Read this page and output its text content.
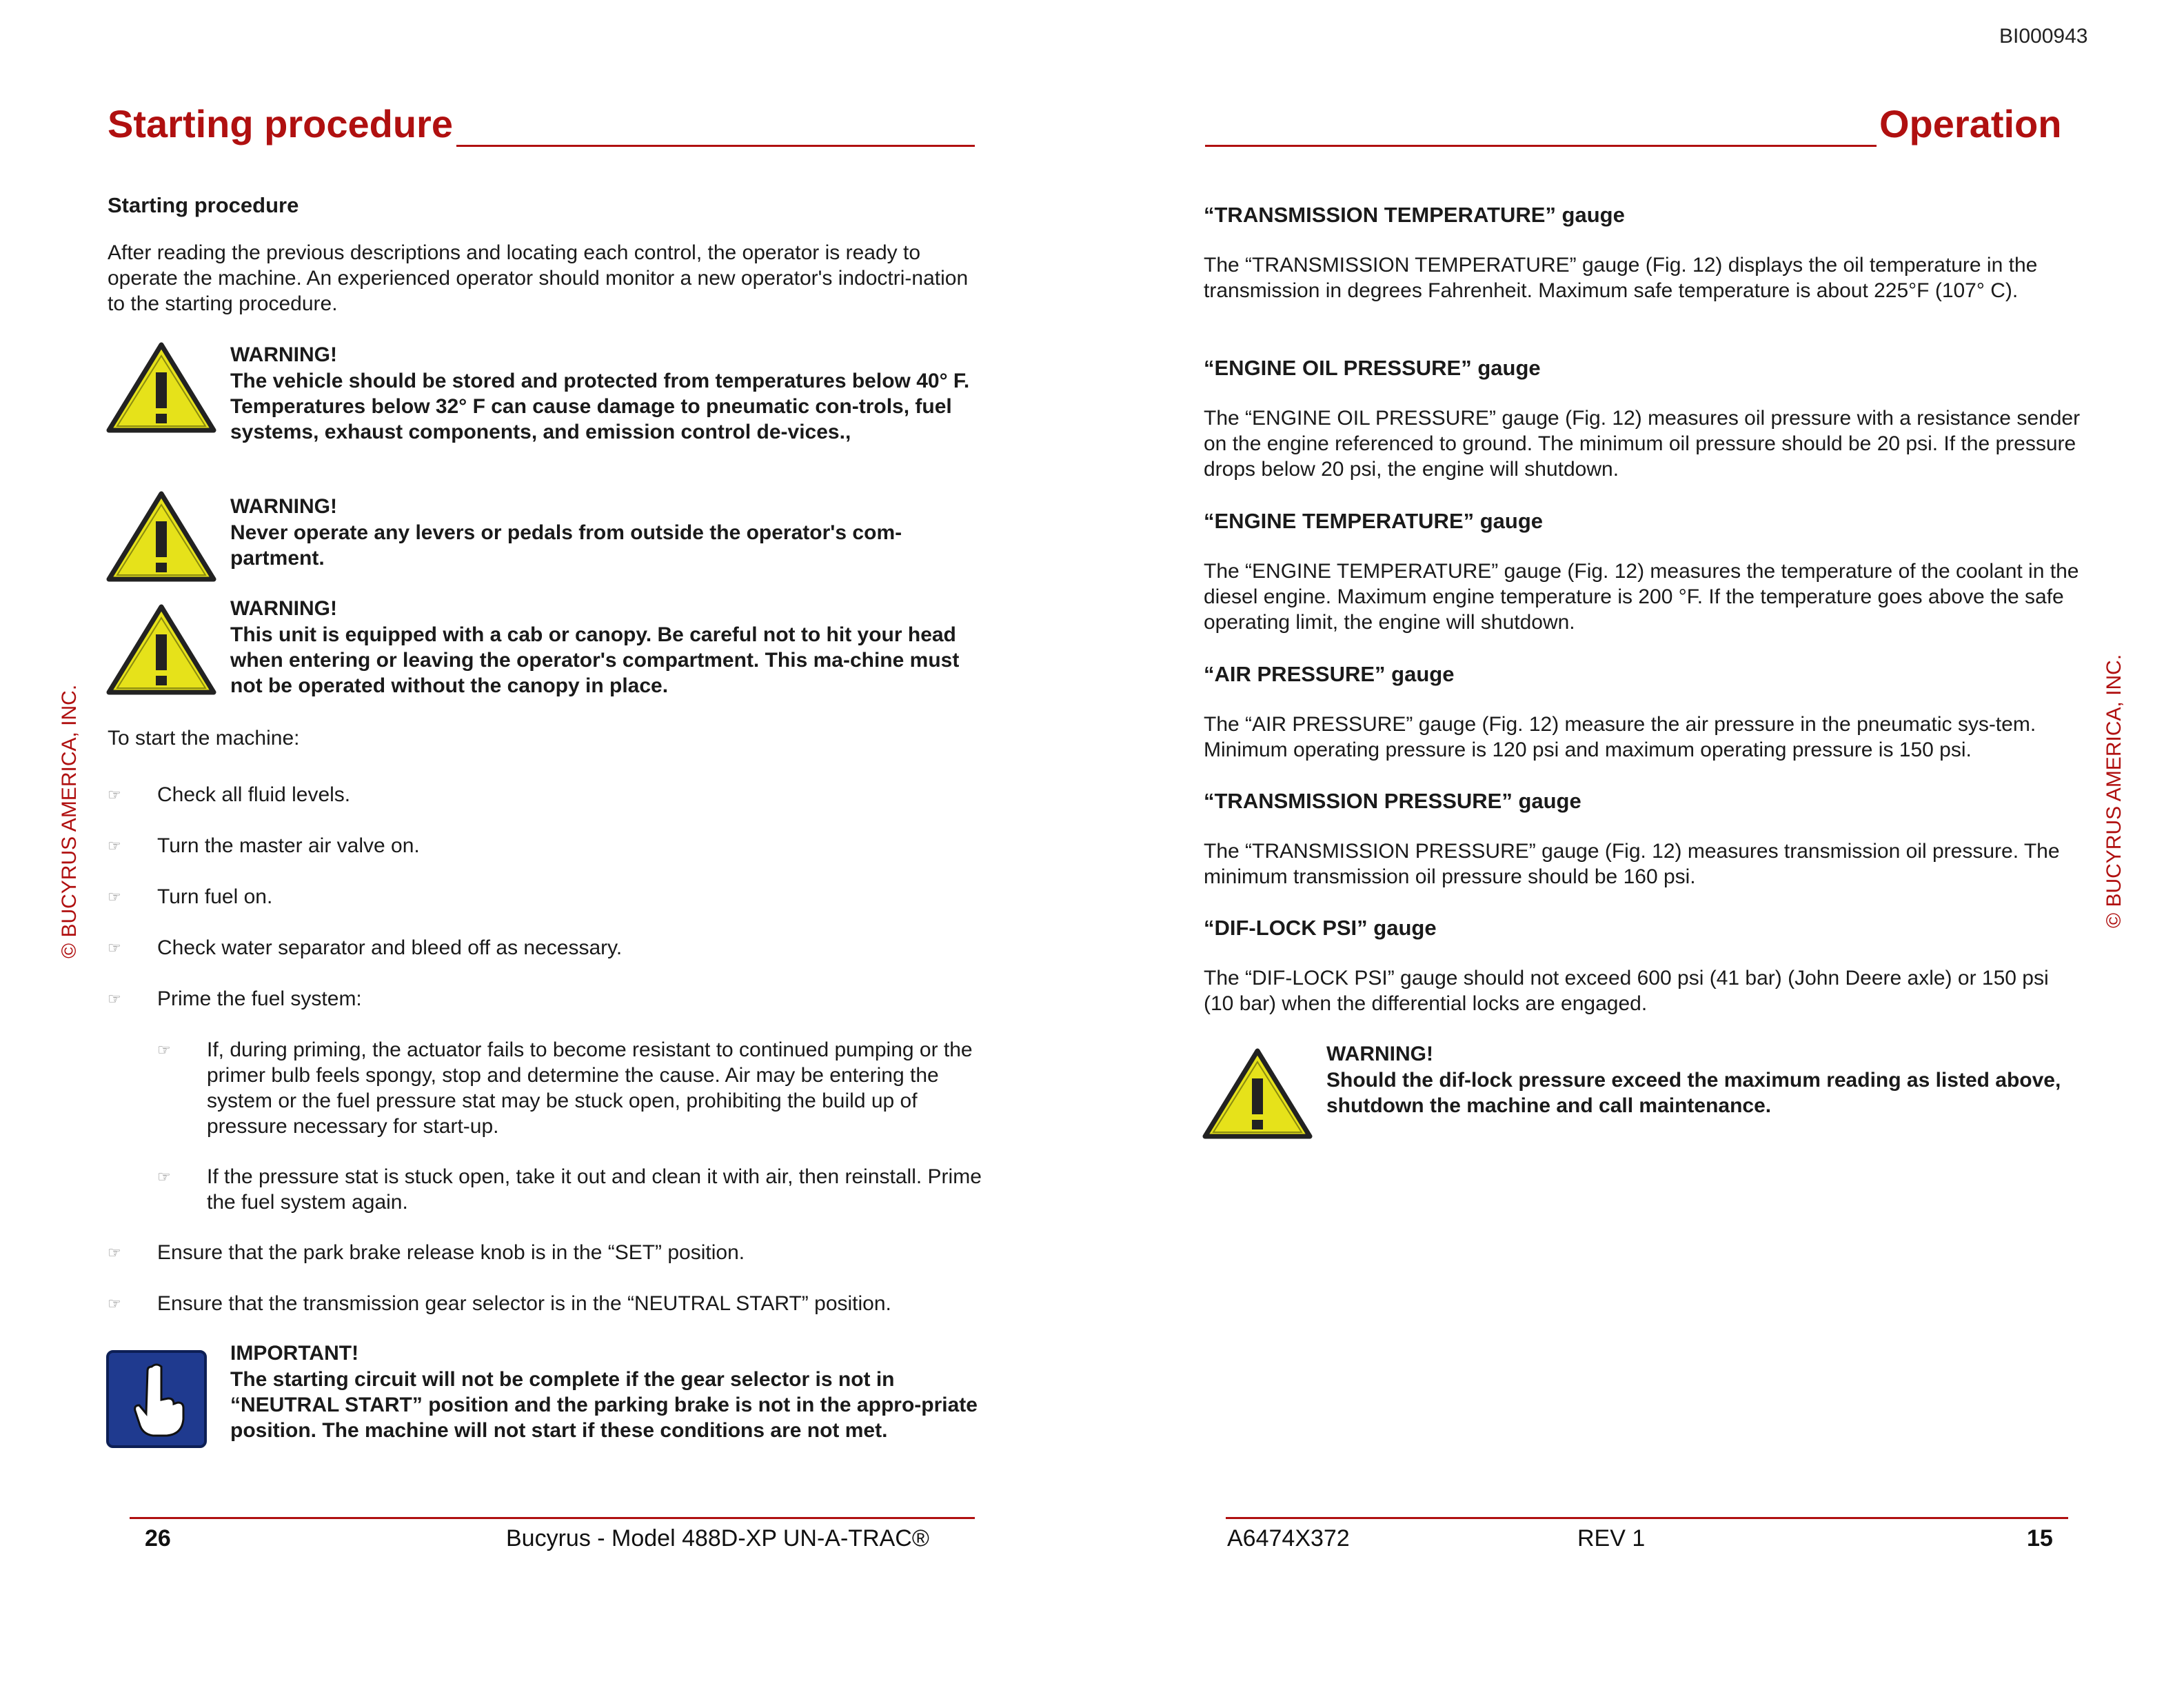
BI000943
Starting procedure
© BUCYRUS AMERICA, INC.
Starting procedure

After reading the previous descriptions and locating each control, the operator is ready to operate the machine. An experienced operator should monitor a new operator's indoctri-nation to the starting procedure.

WARNING!
The vehicle should be stored and protected from temperatures below 40° F. Temperatures below 32° F can cause damage to pneumatic con-trols, fuel systems, exhaust components, and emission control de-vices.,
WARNING!
Never operate any levers or pedals from outside the operator's com-partment.
WARNING!
This unit is equipped with a cab or canopy. Be careful not to hit your head when entering or leaving the operator's compartment. This ma-chine must not be operated without the canopy in place.
To start the machine:
☞ Check all fluid levels.
☞ Turn the master air valve on.
☞ Turn fuel on.
☞ Check water separator and bleed off as necessary.
☞ Prime the fuel system:
☞ If, during priming, the actuator fails to become resistant to continued pumping or the primer bulb feels spongy, stop and determine the cause. Air may be entering the system or the fuel pressure stat may be stuck open, prohibiting the build up of pressure necessary for start-up.
☞ If the pressure stat is stuck open, take it out and clean it with air, then reinstall. Prime the fuel system again.
☞ Ensure that the park brake release knob is in the “SET” position.
☞ Ensure that the transmission gear selector is in the “NEUTRAL START” position.
IMPORTANT!
The starting circuit will not be complete if the gear selector is not in “NEUTRAL START” position and the parking brake is not in the appro-priate position. The machine will not start if these conditions are not met.
26	Bucyrus - Model 488D-XP UN-A-TRAC®
Operation
© BUCYRUS AMERICA, INC.
“TRANSMISSION TEMPERATURE” gauge

The “TRANSMISSION TEMPERATURE” gauge (Fig. 12) displays the oil temperature in the transmission in degrees Fahrenheit. Maximum safe temperature is about 225°F (107° C).

“ENGINE OIL PRESSURE” gauge

The “ENGINE OIL PRESSURE” gauge (Fig. 12) measures oil pressure with a resistance sender on the engine referenced to ground. The minimum oil pressure should be 20 psi. If the pressure drops below 20 psi, the engine will shutdown.

“ENGINE TEMPERATURE” gauge

The “ENGINE TEMPERATURE” gauge (Fig. 12) measures the temperature of the coolant in the diesel engine. Maximum engine temperature is 200 °F. If the temperature goes above the safe operating limit, the engine will shutdown.

“AIR PRESSURE” gauge

The “AIR PRESSURE” gauge (Fig. 12) measure the air pressure in the pneumatic sys-tem. Minimum operating pressure is 120 psi and maximum operating pressure is 150 psi.

“TRANSMISSION PRESSURE” gauge

The “TRANSMISSION PRESSURE” gauge (Fig. 12) measures transmission oil pressure. The minimum transmission oil pressure should be 160 psi.

“DIF-LOCK PSI” gauge

The “DIF-LOCK PSI” gauge should not exceed 600 psi (41 bar) (John Deere axle) or 150 psi (10 bar) when the differential locks are engaged.

WARNING!
Should the dif-lock pressure exceed the maximum reading as listed above, shutdown the machine and call maintenance.
A6474X372	REV 1	15
